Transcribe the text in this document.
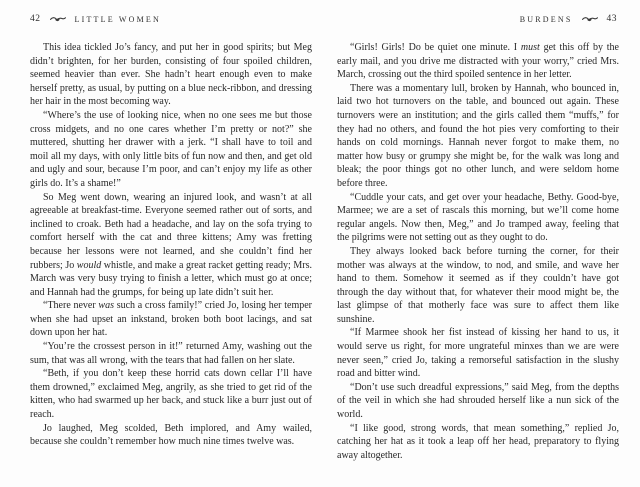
42	LITTLE WOMEN	BURDENS	43

This idea tickled Jo’s fancy, and put her in good spirits; but Meg didn’t brighten, for her burden, consisting of four spoiled children, seemed heavier than ever. She hadn’t heart enough even to make herself pretty, as usual, by putting on a blue neck-ribbon, and dressing her hair in the most becoming way.

“Where’s the use of looking nice, when no one sees me but those cross midgets, and no one cares whether I’m pretty or not?” she muttered, shutting her drawer with a jerk. “I shall have to toil and moil all my days, with only little bits of fun now and then, and get old and ugly and sour, because I’m poor, and can’t enjoy my life as other girls do. It’s a shame!”

So Meg went down, wearing an injured look, and wasn’t at all agreeable at breakfast-time. Everyone seemed rather out of sorts, and inclined to croak. Beth had a headache, and lay on the sofa trying to comfort herself with the cat and three kittens; Amy was fretting because her lessons were not learned, and she couldn’t find her rubbers; Jo would whistle, and make a great racket getting ready; Mrs. March was very busy trying to finish a letter, which must go at once; and Hannah had the grumps, for being up late didn’t suit her.

“There never was such a cross family!” cried Jo, losing her temper when she had upset an inkstand, broken both boot lacings, and sat down upon her hat.

“You’re the crossest person in it!” returned Amy, washing out the sum, that was all wrong, with the tears that had fallen on her slate.

“Beth, if you don’t keep these horrid cats down cellar I’ll have them drowned,” exclaimed Meg, angrily, as she tried to get rid of the kitten, who had swarmed up her back, and stuck like a burr just out of reach.

Jo laughed, Meg scolded, Beth implored, and Amy wailed, because she couldn’t remember how much nine times twelve was.

“Girls! Girls! Do be quiet one minute. I must get this off by the early mail, and you drive me distracted with your worry,” cried Mrs. March, crossing out the third spoiled sentence in her letter.

There was a momentary lull, broken by Hannah, who bounced in, laid two hot turnovers on the table, and bounced out again. These turnovers were an institution; and the girls called them “muffs,” for they had no others, and found the hot pies very comforting to their hands on cold mornings. Hannah never forgot to make them, no matter how busy or grumpy she might be, for the walk was long and bleak; the poor things got no other lunch, and were seldom home before three.

“Cuddle your cats, and get over your headache, Bethy. Good-bye, Marmee; we are a set of rascals this morning, but we’ll come home regular angels. Now then, Meg,” and Jo tramped away, feeling that the pilgrims were not setting out as they ought to do.

They always looked back before turning the corner, for their mother was always at the window, to nod, and smile, and wave her hand to them. Somehow it seemed as if they couldn’t have got through the day without that, for whatever their mood might be, the last glimpse of that motherly face was sure to affect them like sunshine.

“If Marmee shook her fist instead of kissing her hand to us, it would serve us right, for more ungrateful minxes than we are were never seen,” cried Jo, taking a remorseful satisfaction in the slushy road and bitter wind.

“Don’t use such dreadful expressions,” said Meg, from the depths of the veil in which she had shrouded herself like a nun sick of the world.

“I like good, strong words, that mean something,” replied Jo, catching her hat as it took a leap off her head, preparatory to flying away altogether.
